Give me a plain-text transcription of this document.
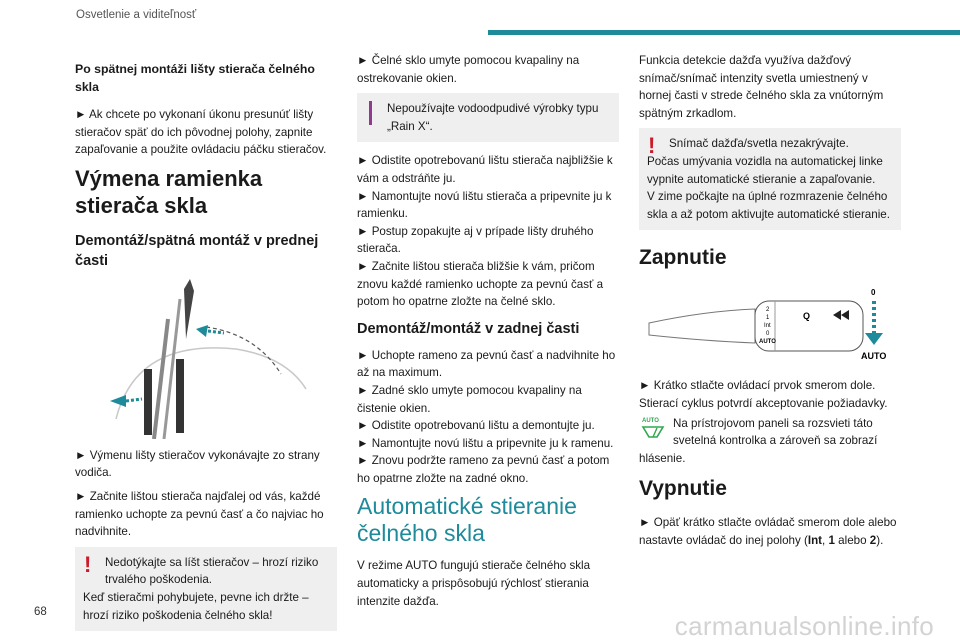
Osvetlenie a viditeľnosť
Po spätnej montáži lišty stierača čelného skla

► Ak chcete po vykonaní úkonu presunúť lišty stieračov späť do ich pôvodnej polohy, zapnite zapaľovanie a použite ovládaciu páčku stieračov.

Výmena ramienka stierača skla
Demontáž/spätná montáž v prednej časti

► Výmenu lišty stieračov vykonávajte zo strany vodiča.

► Začnite lištou stierača najďalej od vás, každé ramienko uchopte za pevnú časť a čo najviac ho nadvihnite.

! Nedotýkajte sa líšt stieračov – hrozí riziko trvalého poškodenia.
Keď stieračmi pohybujete, pevne ich držte – hrozí riziko poškodenia čelného skla!

► Čelné sklo umyte pomocou kvapaliny na ostrekovanie okien.

Nepoužívajte vodoodpudivé výrobky typu „Rain X“.

► Odistite opotrebovanú lištu stierača najbližšie k vám a odstráňte ju.

► Namontujte novú lištu stierača a pripevnite ju k ramienku.

► Postup zopakujte aj v prípade lišty druhého stierača.

► Začnite lištou stierača bližšie k vám, pričom znovu každé ramienko uchopte za pevnú časť a potom ho opatrne zložte na čelné sklo.

Demontáž/montáž v zadnej časti

► Uchopte rameno za pevnú časť a nadvihnite ho až na maximum.

► Zadné sklo umyte pomocou kvapaliny na čistenie okien.

► Odistite opotrebovanú lištu a demontujte ju.

► Namontujte novú lištu a pripevnite ju k ramenu.

► Znovu podržte rameno za pevnú časť a potom ho opatrne zložte na zadné okno.

Automatické stieranie čelného skla

V režime AUTO fungujú stierače čelného skla automaticky a prispôsobujú rýchlosť stierania intenzite dažďa.

Funkcia detekcie dažďa využíva dažďový snímač/snímač intenzity svetla umiestnený v hornej časti v strede čelného skla za vnútorným spätným zrkadlom.

! Snímač dažďa/svetla nezakrývajte.
Počas umývania vozidla na automatickej linke vypnite automatické stieranie a zapaľovanie.
V zime počkajte na úplné rozmrazenie čelného skla a až potom aktivujte automatické stieranie.
Zapnutie
2
1
Int
0
AUTO
Q
0
AUTO

► Krátko stlačte ovládací prvok smerom dole. Stierací cyklus potvrdí akceptovanie požiadavky.

AUTO	Na prístrojovom paneli sa rozsvieti táto svetelná kontrolka a zároveň sa zobrazí hlásenie.

Vypnutie

► Opäť krátko stlačte ovládač smerom dole alebo nastavte ovládač do inej polohy (Int, 1 alebo 2).

68	carmanualsonline.info
